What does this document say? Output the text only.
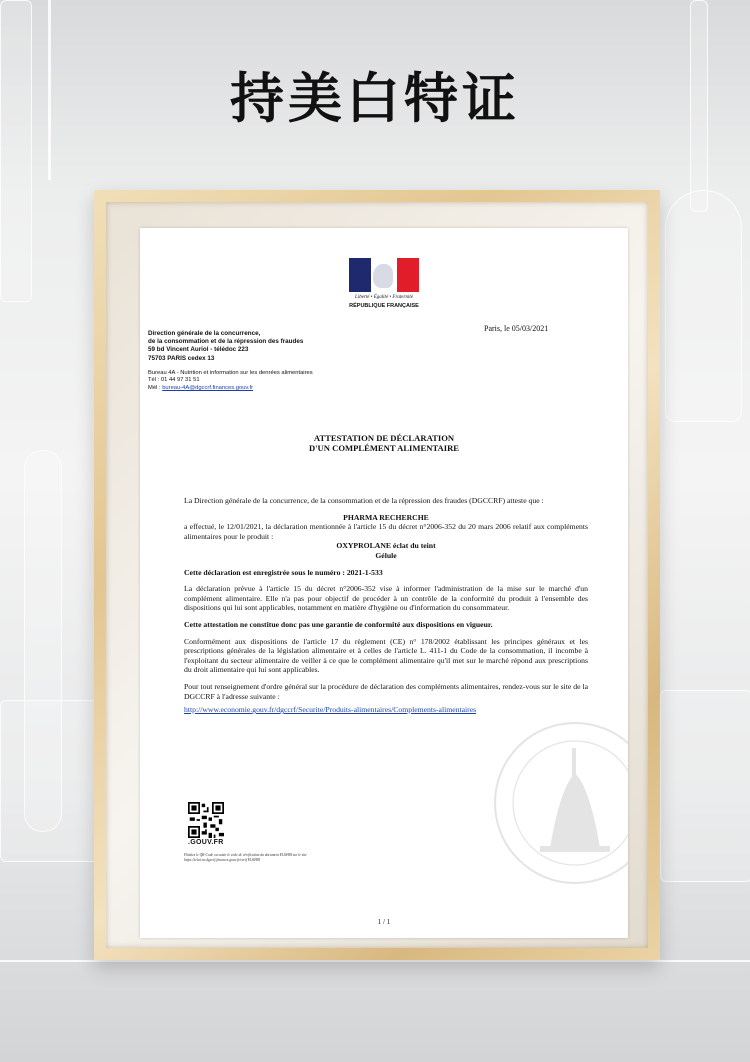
持美白特证
Liberté • Égalité • Fraternité
RÉPUBLIQUE FRANÇAISE
Paris, le 05/03/2021
Direction générale de la concurrence,
de la consommation et de la répression des fraudes
59 bd Vincent Auriol - télédoc 223
75703 PARIS cedex 13
Bureau 4A - Nutrition et information sur les denrées alimentaires
Tél : 01 44 97 31 51
Mél : bureau-4A@dgccrf.finances.gouv.fr
ATTESTATION DE DÉCLARATION
D'UN COMPLÉMENT ALIMENTAIRE

La Direction générale de la concurrence, de la consommation et de la répression des fraudes (DGCCRF) atteste que :

PHARMA RECHERCHE
a effectué, le 12/01/2021, la déclaration mentionnée à l'article 15 du décret n°2006-352 du 20 mars 2006 relatif aux compléments alimentaires pour le produit :
OXYPROLANE éclat du teint
Gélule

Cette déclaration est enregistrée sous le numéro : 2021-1-533

La déclaration prévue à l'article 15 du décret n°2006-352 vise à informer l'administration de la mise sur le marché d'un complément alimentaire. Elle n'a pas pour objectif de procéder à un contrôle de la conformité du produit à l'ensemble des dispositions qui lui sont applicables, notamment en matière d'hygiène ou d'information du consommateur.

Cette attestation ne constitue donc pas une garantie de conformité aux dispositions en vigueur.

Conformément aux dispositions de l'article 17 du règlement (CE) n° 178/2002 établissant les principes généraux et les prescriptions générales de la législation alimentaire et à celles de l'article L. 411-1 du Code de la consommation, il incombe à l'exploitant du secteur alimentaire de veiller à ce que le complément alimentaire qu'il met sur le marché répond aux prescriptions du droit alimentaire qui lui sont applicables.

Pour tout renseignement d'ordre général sur la procédure de déclaration des compléments alimentaires, rendez-vous sur le site de la DGCCRF à l'adresse suivante :

http://www.economie.gouv.fr/dgccrf/Securite/Produits-alimentaires/Complements-alimentaires
.GOUV.FR
Flashez le QR-Code ou saisir le code de vérification du document EU6H8I sur le site https://teleicne.dgccrf.finances.gouv.fr/verif EU6H8I
1 / 1
